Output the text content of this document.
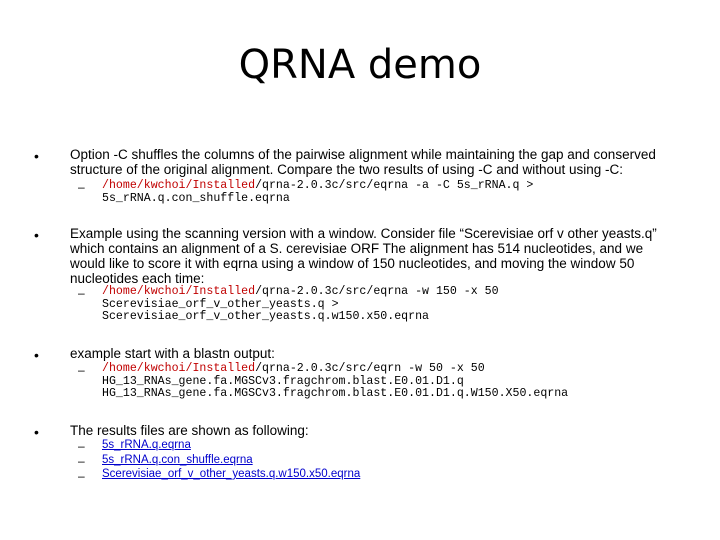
QRNA demo
• Option -C shuffles the columns of the pairwise alignment while maintaining the gap and conserved structure of the original alignment. Compare the two results of using -C and without using -C:
– /home/kwchoi/Installed/qrna-2.0.3c/src/eqrna -a -C 5s_rRNA.q >
5s_rRNA.q.con_shuffle.eqrna
• Example using the scanning version with a window. Consider file “Scerevisiae orf v other yeasts.q” which contains an alignment of a S. cerevisiae ORF The alignment has 514 nucleotides, and we would like to score it with eqrna using a window of 150 nucleotides, and moving the window 50 nucleotides each time:
– /home/kwchoi/Installed/qrna-2.0.3c/src/eqrna -w 150 -x 50
Scerevisiae_orf_v_other_yeasts.q >
Scerevisiae_orf_v_other_yeasts.q.w150.x50.eqrna
• example start with a blastn output:
– /home/kwchoi/Installed/qrna-2.0.3c/src/eqrn -w 50 -x 50
HG_13_RNAs_gene.fa.MGSCv3.fragchrom.blast.E0.01.D1.q
HG_13_RNAs_gene.fa.MGSCv3.fragchrom.blast.E0.01.D1.q.W150.X50.eqrna
• The results files are shown as following:
–
–
–
5s_rRNA.q.eqrna
5s_rRNA.q.con_shuffle.eqrna
Scerevisiae_orf_v_other_yeasts.q.w150.x50.eqrna
